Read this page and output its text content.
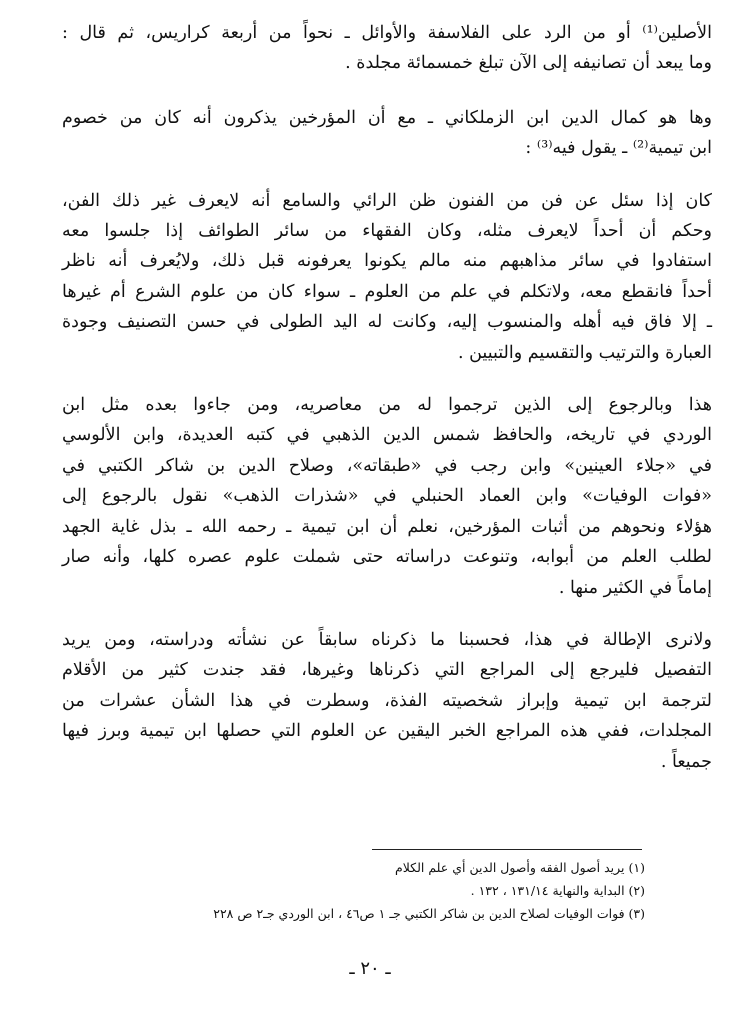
الأصلين⁽¹⁾ أو من الرد على الفلاسفة والأوائل ـ نحواً من أربعة كراريس، ثم قال :
وما يبعد أن تصانيفه إلى الآن تبلغ خمسمائة مجلدة .

وها هو كمال الدين ابن الزملكاني ـ مع أن المؤرخين يذكرون أنه كان من خصوم
ابن تيمية⁽²⁾ ـ يقول فيه⁽³⁾ :

كان إذا سئل عن فن من الفنون ظن الرائي والسامع أنه لايعرف غير ذلك الفن،
وحكم أن أحداً لايعرف مثله، وكان الفقهاء من سائر الطوائف إذا جلسوا معه
استفادوا في سائر مذاهبهم منه مالم يكونوا يعرفونه قبل ذلك، ولايُعرف أنه ناظر
أحداً فانقطع معه، ولاتكلم في علم من العلوم ـ سواء كان من علوم الشرع أم غيرها
ـ إلا فاق فيه أهله والمنسوب إليه، وكانت له اليد الطولى في حسن التصنيف وجودة
العبارة والترتيب والتقسيم والتبيين .

هذا وبالرجوع إلى الذين ترجموا له من معاصريه، ومن جاءوا بعده مثل ابن
الوردي في تاريخه، والحافظ شمس الدين الذهبي في كتبه العديدة، وابن الألوسي
في «جلاء العينين» وابن رجب في «طبقاته»، وصلاح الدين بن شاكر الكتبي في
«فوات الوفيات» وابن العماد الحنبلي في «شذرات الذهب» نقول بالرجوع إلى
هؤلاء ونحوهم من أثبات المؤرخين، نعلم أن ابن تيمية ـ رحمه الله ـ بذل غاية الجهد
لطلب العلم من أبوابه، وتنوعت دراساته حتى شملت علوم عصره كلها، وأنه صار
إماماً في الكثير منها .

ولانرى الإطالة في هذا، فحسبنا ما ذكرناه سابقاً عن نشأته ودراسته، ومن يريد
التفصيل فليرجع إلى المراجع التي ذكرناها وغيرها، فقد جندت كثير من الأقلام
لترجمة ابن تيمية وإبراز شخصيته الفذة، وسطرت في هذا الشأن عشرات من
المجلدات، ففي هذه المراجع الخبر اليقين عن العلوم التي حصلها ابن تيمية وبرز فيها
جميعاً .

(١) يريد أصول الفقه وأصول الدين أي علم الكلام
(٢) البداية والنهاية ١٣١/١٤ ، ١٣٢ .
(٣) فوات الوفيات لصلاح الدين بن شاكر الكتبي جـ ١ ص٤٦ ، ابن الوردي جـ٢ ص ٢٢٨
ـ ٢٠ ـ
